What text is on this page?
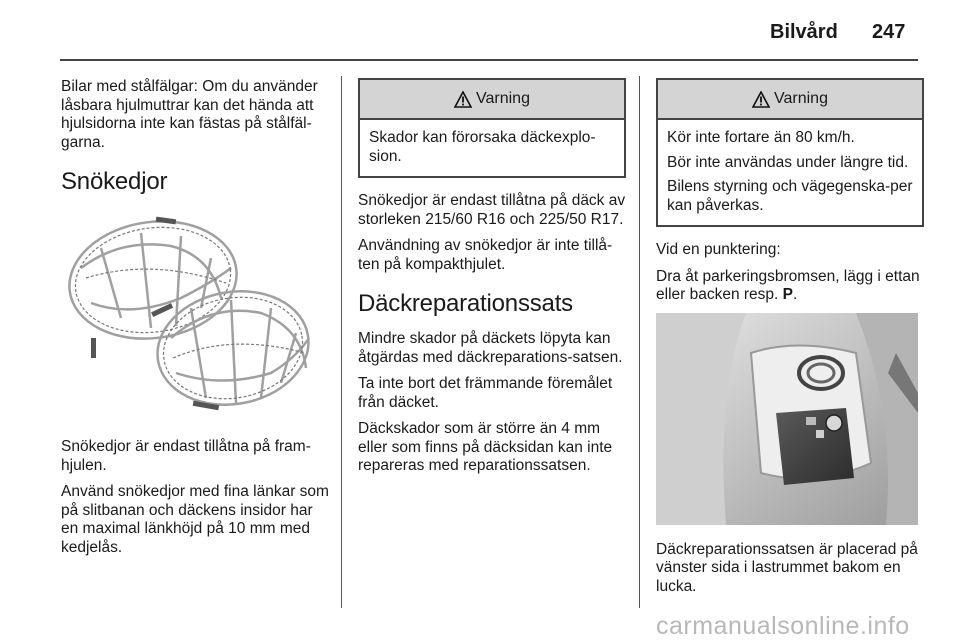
Bilvård 247

Bilar med stålfälgar: Om du använder låsbara hjulmuttrar kan det hända att hjulsidorna inte kan fästas på stålfäl-garna.

Snökedjor

Snökedjor är endast tillåtna på fram-hjulen.

Använd snökedjor med fina länkar som på slitbanan och däckens insidor har en maximal länkhöjd på 10 mm med kedjelås.

Varning

Skador kan förorsaka däckexplo-sion.

Snökedjor är endast tillåtna på däck av storleken 215/60 R16 och 225/50 R17.

Användning av snökedjor är inte tillå-ten på kompakthjulet.

Däckreparationssats

Mindre skador på däckets löpyta kan åtgärdas med däckreparations-satsen.

Ta inte bort det främmande föremålet från däcket.

Däckskador som är större än 4 mm eller som finns på däcksidan kan inte repareras med reparationssatsen.

Varning

Kör inte fortare än 80 km/h.

Bör inte användas under längre tid.

Bilens styrning och vägegenska-per kan påverkas.

Vid en punktering:

Dra åt parkeringsbromsen, lägg i ettan eller backen resp. P.

Däckreparationssatsen är placerad på vänster sida i lastrummet bakom en lucka.

carmanualsonline.info
